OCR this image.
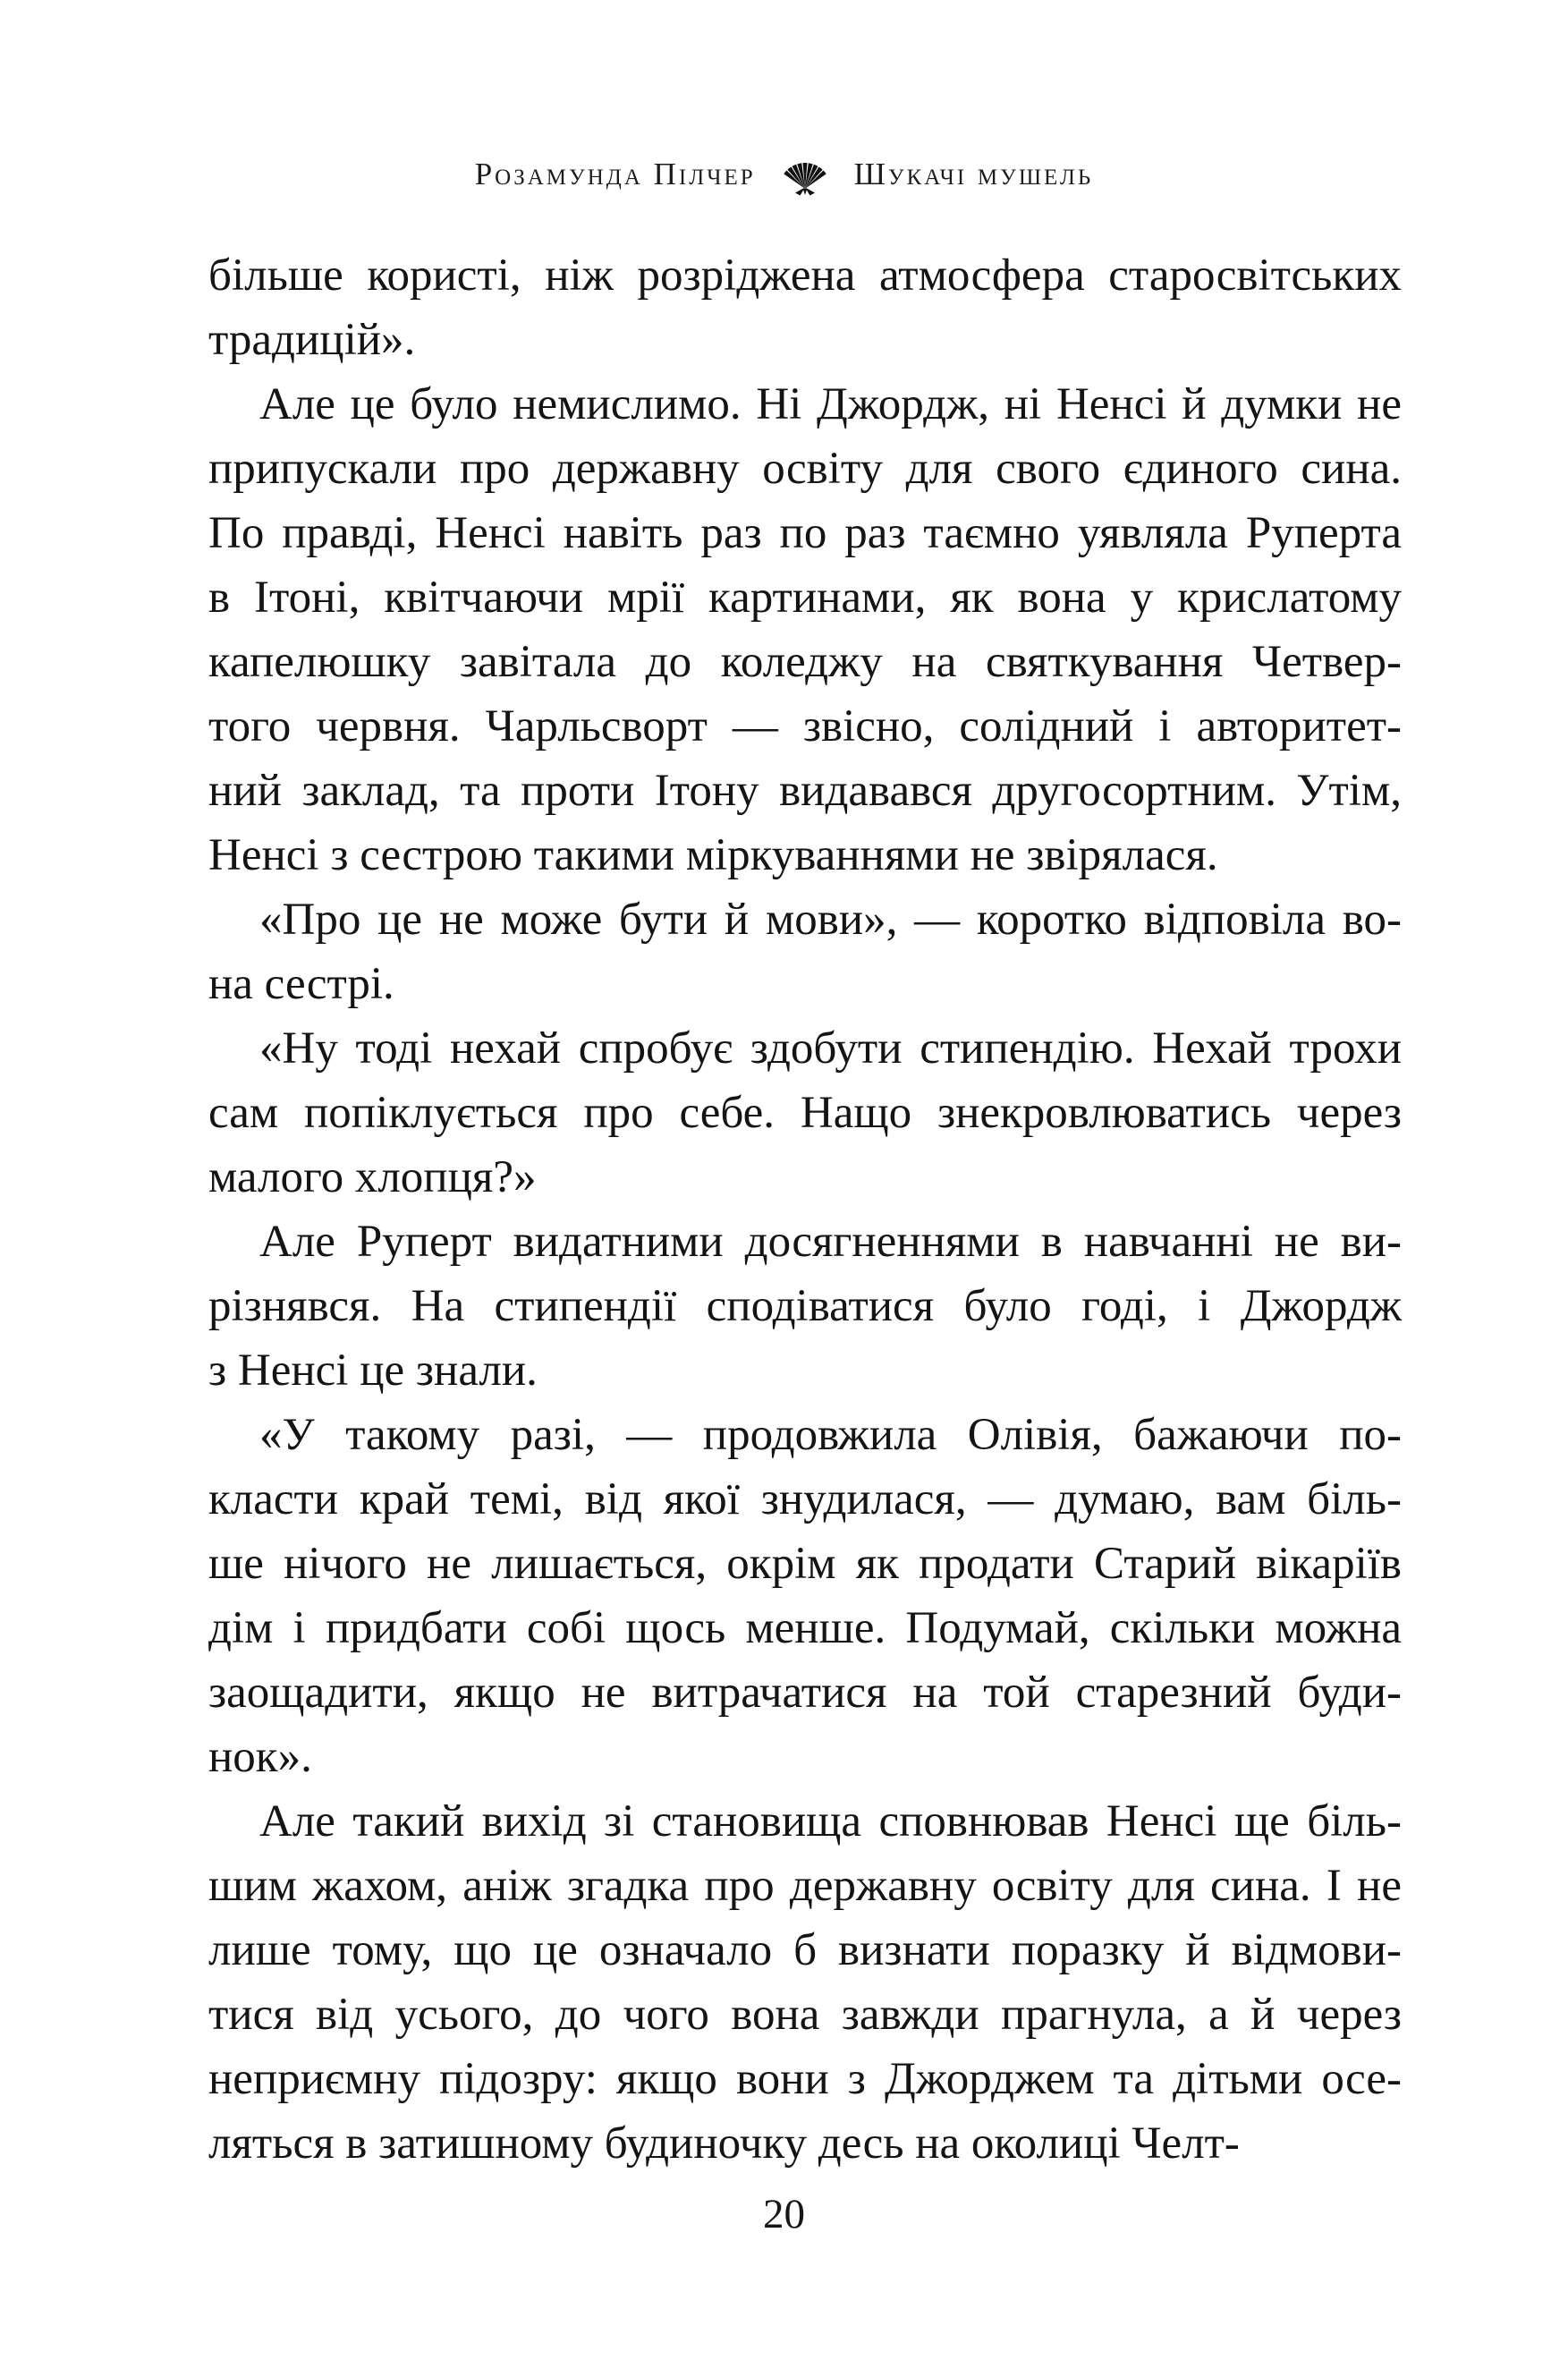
Розамунда Пілчер	Шукачі мушель

більше користі, ніж розріджена атмосфера старосвітських
традицій».

Але це було немислимо. Ні Джордж, ні Ненсі й думки не
припускали про державну освіту для свого єдиного сина.
По правді, Ненсі навіть раз по раз таємно уявляла Руперта
в Ітоні, квітчаючи мрії картинами, як вона у крислатому
капелюшку завітала до коледжу на святкування Четвер-
того червня. Чарльсворт — звісно, солідний і авторитет-
ний заклад, та проти Ітону видавався другосортним. Утім,
Ненсі з сестрою такими міркуваннями не звірялася.

«Про це не може бути й мови», — коротко відповіла во-
на сестрі.

«Ну тоді нехай спробує здобути стипендію. Нехай трохи
сам попіклується про себе. Нащо знекровлюватись через
малого хлопця?»

Але Руперт видатними досягненнями в навчанні не ви-
різнявся. На стипендії сподіватися було годі, і Джордж
з Ненсі це знали.

«У такому разі, — продовжила Олівія, бажаючи по-
класти край темі, від якої знудилася, — думаю, вам біль-
ше нічого не лишається, окрім як продати Старий вікаріїв
дім і придбати собі щось менше. Подумай, скільки можна
заощадити, якщо не витрачатися на той старезний буди-
нок».

Але такий вихід зі становища сповнював Ненсі ще біль-
шим жахом, аніж згадка про державну освіту для сина. І не
лише тому, що це означало б визнати поразку й відмови-
тися від усього, до чого вона завжди прагнула, а й через
неприємну підозру: якщо вони з Джорджем та дітьми осе-
ляться в затишному будиночку десь на околиці Челт-

20
